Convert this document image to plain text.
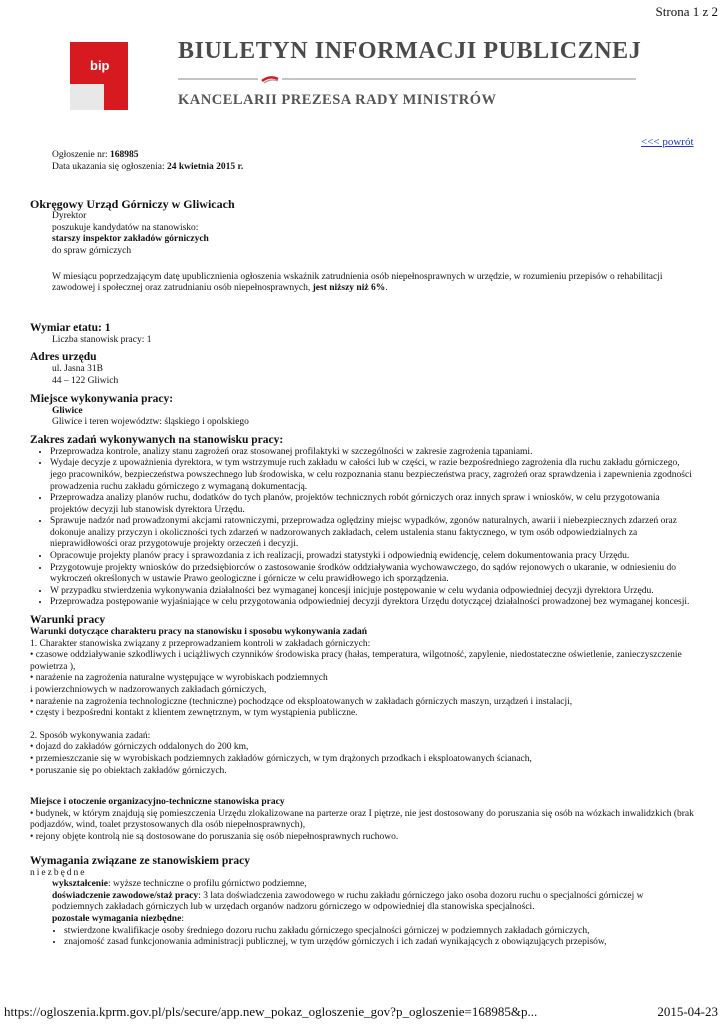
Strona 1 z 2
bip
BIULETYN INFORMACJI PUBLICZNEJ
KANCELARII PREZESA RADY MINISTRÓW
<<< powrót
Ogłoszenie nr: 168985
Data ukazania się ogłoszenia: 24 kwietnia 2015 r.
Okręgowy Urząd Górniczy w Gliwicach
Dyrektor
poszukuje kandydatów na stanowisko:
starszy inspektor zakładów górniczych
do spraw górniczych
W miesiącu poprzedzającym datę upublicznienia ogłoszenia wskaźnik zatrudnienia osób niepełnosprawnych w urzędzie, w rozumieniu przepisów o rehabilitacji zawodowej i społecznej oraz zatrudnianiu osób niepełnosprawnych, jest niższy niż 6%.
Wymiar etatu: 1
Liczba stanowisk pracy: 1
Adres urzędu
ul. Jasna 31B
44 – 122 Gliwich
Miejsce wykonywania pracy:
Gliwice
Gliwice i teren województw: śląskiego i opolskiego
Zakres zadań wykonywanych na stanowisku pracy:
• Przeprowadza kontrole, analizy stanu zagrożeń oraz stosowanej profilaktyki w szczególności w zakresie zagrożenia tąpaniami.
• Wydaje decyzje z upoważnienia dyrektora, w tym wstrzymuje ruch zakładu w całości lub w części, w razie bezpośredniego zagrożenia dla ruchu zakładu górniczego, jego pracowników, bezpieczeństwa powszechnego lub środowiska, w celu rozpoznania stanu bezpieczeństwa pracy, zagrożeń oraz sprawdzenia i zapewnienia zgodności prowadzenia ruchu zakładu górniczego z wymaganą dokumentacją.
• Przeprowadza analizy planów ruchu, dodatków do tych planów, projektów technicznych robót górniczych oraz innych spraw i wniosków, w celu przygotowania projektów decyzji lub stanowisk dyrektora Urzędu.
• Sprawuje nadzór nad prowadzonymi akcjami ratowniczymi, przeprowadza oględziny miejsc wypadków, zgonów naturalnych, awarii i niebezpiecznych zdarzeń oraz dokonuje analizy przyczyn i okoliczności tych zdarzeń w nadzorowanych zakładach, celem ustalenia stanu faktycznego, w tym osób odpowiedzialnych za nieprawidłowości oraz przygotowuje projekty orzeczeń i decyzji.
• Opracowuje projekty planów pracy i sprawozdania z ich realizacji, prowadzi statystyki i odpowiednią ewidencję, celem dokumentowania pracy Urzędu.
• Przygotowuje projekty wniosków do przedsiębiorców o zastosowanie środków oddziaływania wychowawczego, do sądów rejonowych o ukaranie, w odniesieniu do wykroczeń określonych w ustawie Prawo geologiczne i górnicze w celu prawidłowego ich sporządzenia.
• W przypadku stwierdzenia wykonywania działalności bez wymaganej koncesji inicjuje postępowanie w celu wydania odpowiedniej decyzji dyrektora Urzędu.
• Przeprowadza postępowanie wyjaśniające w celu przygotowania odpowiedniej decyzji dyrektora Urzędu dotyczącej działalności prowadzonej bez wymaganej koncesji.
Warunki pracy
Warunki dotyczące charakteru pracy na stanowisku i sposobu wykonywania zadań
1. Charakter stanowiska związany z przeprowadzaniem kontroli w zakładach górniczych:
• czasowe oddziaływanie szkodliwych i uciążliwych czynników środowiska pracy (hałas, temperatura, wilgotność, zapylenie, niedostateczne oświetlenie, zanieczyszczenie powietrza ),
• narażenie na zagrożenia naturalne występujące w wyrobiskach podziemnych
i powierzchniowych w nadzorowanych zakładach górniczych,
• narażenie na zagrożenia technologiczne (techniczne) pochodzące od eksploatowanych w zakładach górniczych maszyn, urządzeń i instalacji,
• częsty i bezpośredni kontakt z klientem zewnętrznym, w tym wystąpienia publiczne.
2. Sposób wykonywania zadań:
• dojazd do zakładów górniczych oddalonych do 200 km,
• przemieszczanie się w wyrobiskach podziemnych zakładów górniczych, w tym drążonych przodkach i eksploatowanych ścianach,
• poruszanie się po obiektach zakładów górniczych.
Miejsce i otoczenie organizacyjno-techniczne stanowiska pracy
• budynek, w którym znajdują się pomieszczenia Urzędu zlokalizowane na parterze oraz I piętrze, nie jest dostosowany do poruszania się osób na wózkach inwalidzkich (brak podjazdów, wind, toalet przystosowanych dla osób niepełnosprawnych),
• rejony objęte kontrolą nie są dostosowane do poruszania się osób niepełnosprawnych ruchowo.
Wymagania związane ze stanowiskiem pracy
niezbędne
wykształcenie: wyższe techniczne o profilu górnictwo podziemne,
doświadczenie zawodowe/staż pracy: 3 lata doświadczenia zawodowego w ruchu zakładu górniczego jako osoba dozoru ruchu o specjalności górniczej w podziemnych zakładach górniczych lub w urzędach organów nadzoru górniczego w odpowiedniej dla stanowiska specjalności.
pozostałe wymagania niezbędne:
• stwierdzone kwalifikacje osoby średniego dozoru ruchu zakładu górniczego specjalności górniczej w podziemnych zakładach górniczych,
• znajomość zasad funkcjonowania administracji publicznej, w tym urzędów górniczych i ich zadań wynikających z obowiązujących przepisów,
https://ogloszenia.kprm.gov.pl/pls/secure/app.new_pokaz_ogloszenie_gov?p_ogloszenie=168985&p...	2015-04-23
